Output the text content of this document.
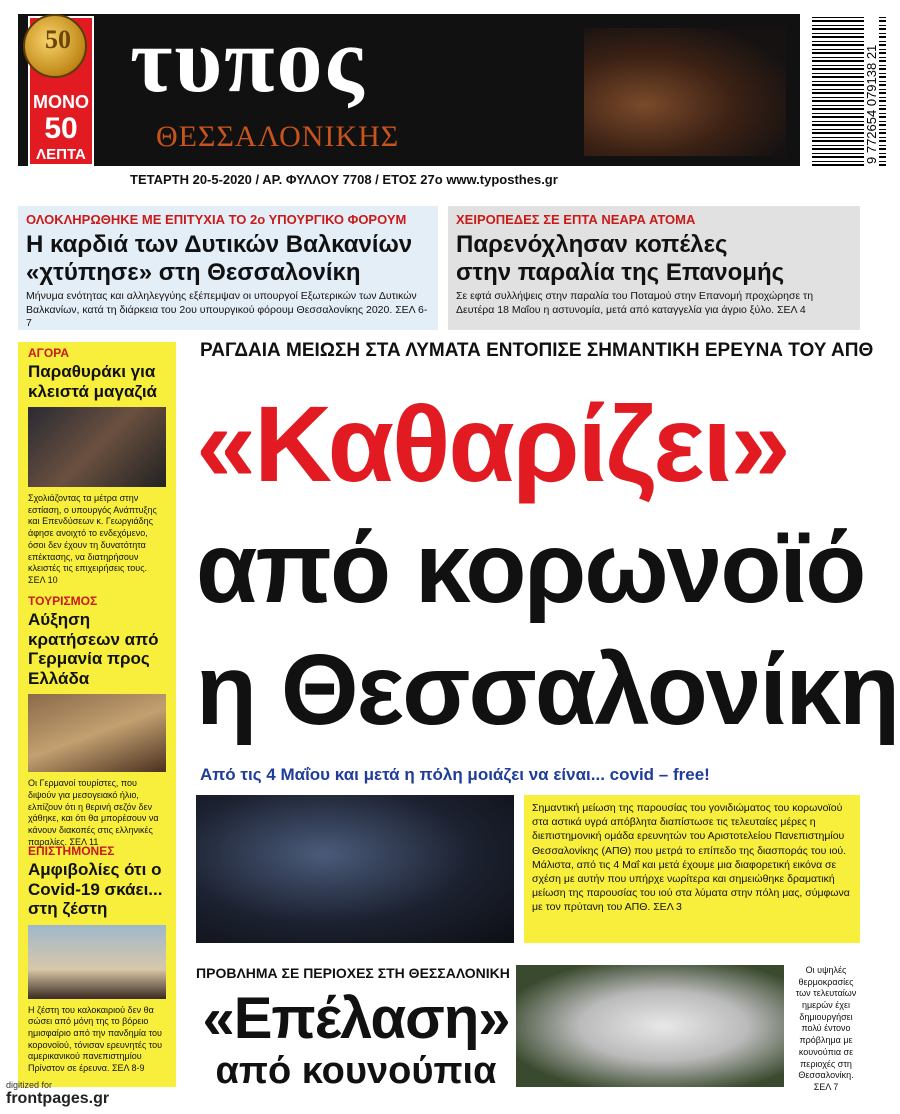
50
ΜΟΝΟ
50
ΛΕΠΤΑ
τυπος
ΘΕΣΣΑΛΟΝΙΚΗΣ	9 772654 079138 21
ΤΕΤΑΡΤΗ 20-5-2020 / ΑΡ. ΦΥΛΛΟΥ 7708 / ΕΤΟΣ 27ο www.typosthes.gr
ΟΛΟΚΛΗΡΩΘΗΚΕ ΜΕ ΕΠΙΤΥΧΙΑ ΤΟ 2ο ΥΠΟΥΡΓΙΚΟ ΦΟΡΟΥΜ
Η καρδιά των Δυτικών Βαλκανίων
«χτύπησε» στη Θεσσαλονίκη
Μήνυμα ενότητας και αλληλεγγύης εξέπεμψαν οι υπουργοί Εξωτερικών των Δυτικών Βαλκανίων, κατά τη διάρκεια του 2ου υπουργικού φόρουμ Θεσσαλονίκης 2020. ΣΕΛ 6-7
ΧΕΙΡΟΠΕΔΕΣ ΣΕ ΕΠΤΑ ΝΕΑΡΑ ΑΤΟΜΑ
Παρενόχλησαν κοπέλες
στην παραλία της Επανομής
Σε εφτά συλλήψεις στην παραλία του Ποταμού στην Επανομή προχώρησε τη Δευτέρα 18 Μαΐου η αστυνομία, μετά από καταγγελία για άγριο ξύλο. ΣΕΛ 4
ΑΓΟΡΑ
Παραθυράκι για κλειστά μαγαζιά
Σχολιάζοντας τα μέτρα στην εστίαση, ο υπουργός Ανάπτυξης και Επενδύσεων κ. Γεωργιάδης άφησε ανοιχτό το ενδεχόμενο, όσοι δεν έχουν τη δυνατότητα επέκτασης, να διατηρήσουν κλειστές τις επιχειρήσεις τους. ΣΕΛ 10
ΤΟΥΡΙΣΜΟΣ
Αύξηση κρατήσεων από Γερμανία προς Ελλάδα
Οι Γερμανοί τουρίστες, που διψούν για μεσογειακό ήλιο, ελπίζουν ότι η θερινή σεζόν δεν χάθηκε, και ότι θα μπορέσουν να κάνουν διακοπές στις ελληνικές παραλίες. ΣΕΛ 11
ΕΠΙΣΤΗΜΟΝΕΣ
Αμφιβολίες ότι ο Covid-19 σκάει... στη ζέστη
Η ζέστη του καλοκαιριού δεν θα σώσει από μόνη της το βόρειο ημισφαίριο από την πανδημία του κορονοϊού, τόνισαν ερευνητές του αμερικανικού πανεπιστημίου Πρίνστον σε έρευνα. ΣΕΛ 8-9
ΡΑΓΔΑΙΑ ΜΕΙΩΣΗ ΣΤΑ ΛΥΜΑΤΑ ΕΝΤΟΠΙΣΕ ΣΗΜΑΝΤΙΚΗ ΕΡΕΥΝΑ ΤΟΥ ΑΠΘ
«Καθαρίζει»
από κορωνοϊό
η Θεσσαλονίκη
Από τις 4 Μαΐου και μετά η πόλη μοιάζει να είναι... covid – free!
Σημαντική μείωση της παρουσίας του γονιδιώματος του κορωνοϊού στα αστικά υγρά απόβλητα διαπίστωσε τις τελευταίες μέρες η διεπιστημονική ομάδα ερευνητών του Αριστοτελείου Πανεπιστημίου Θεσσαλονίκης (ΑΠΘ) που μετρά το επίπεδο της διασποράς του ιού. Μάλιστα, από τις 4 Μαΐ και μετά έχουμε μια διαφορετική εικόνα σε σχέση με αυτήν που υπήρχε νωρίτερα και σημειώθηκε δραματική μείωση της παρουσίας του ιού στα λύματα στην πόλη μας, σύμφωνα με τον πρύτανη του ΑΠΘ. ΣΕΛ 3
ΠΡΟΒΛΗΜΑ ΣΕ ΠΕΡΙΟΧΕΣ ΣΤΗ ΘΕΣΣΑΛΟΝΙΚΗ
«Επέλαση»
από κουνούπια
Οι υψηλές θερμοκρασίες των τελευταίων ημερών έχει δημιουργήσει πολύ έντονο πρόβλημα με κουνούπια σε περιοχές στη Θεσσαλονίκη. ΣΕΛ 7
digitized for
frontpages.gr
